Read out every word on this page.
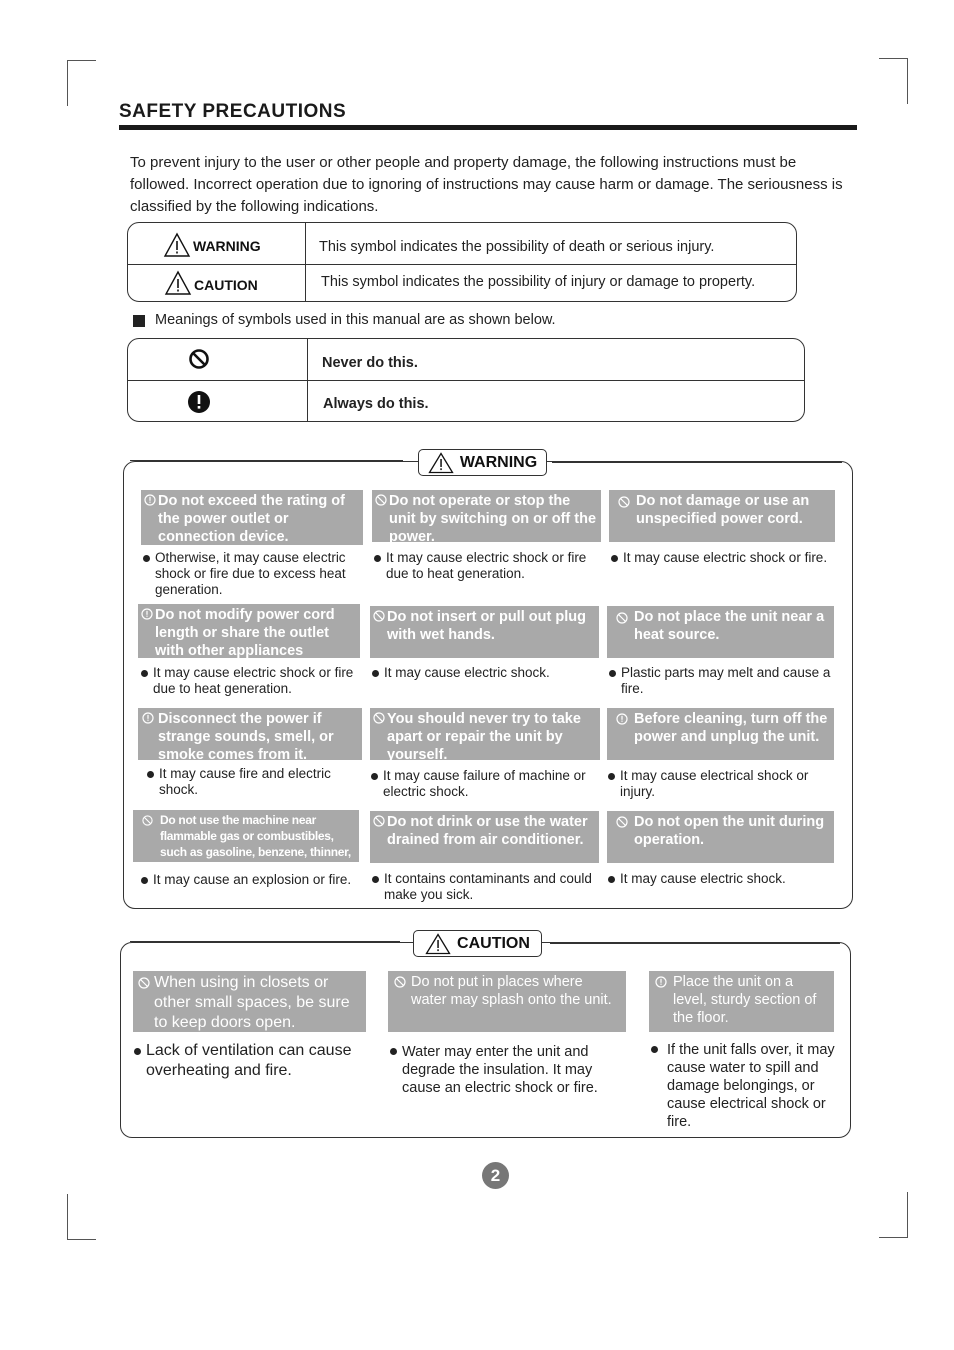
SAFETY PRECAUTIONS
To prevent injury to the user or other people and property damage, the following instructions must be followed. Incorrect operation due to ignoring of instructions may cause harm or damage. The seriousness is classified by the following indications.
WARNING	This symbol indicates the possibility of death or serious injury.
CAUTION	This symbol indicates the possibility of injury or damage to property.
Meanings of symbols used in this manual are as shown below.
Never do this.
Always do this.
WARNING
Do not exceed the rating of the power outlet or connection device.
Otherwise, it may cause electric shock or fire due to excess heat generation.
Do not operate or stop the unit by switching on or off the power.
It may cause electric shock or fire due to heat generation.
Do not damage or use an unspecified power cord.
It may cause electric shock or fire.
Do not modify power cord length or share the outlet with other appliances
It may cause electric shock or fire due to heat generation.
Do not insert or pull out plug with wet hands.
It may cause electric shock.
Do not place the unit near a heat source.
Plastic parts may melt and cause a fire.
Disconnect the power if strange sounds, smell, or smoke comes from it.
It may cause fire and electric shock.
You should never try to take apart or repair the unit by yourself.
It may cause failure of machine or electric shock.
Before cleaning, turn off the power and unplug the unit.
It may cause electrical shock or injury.
Do not use the machine near flammable gas or combustibles, such as gasoline, benzene, thinner, etc.
It may cause an explosion or fire.
Do not drink or use the water drained from air conditioner.
It contains contaminants and could make you sick.
Do not open the unit during operation.
It may cause electric shock.
CAUTION
When using in closets or other small spaces, be sure to keep doors open.
Lack of ventilation can cause overheating and fire.
Do not put in places where water may splash onto the unit.
Water may enter the unit and degrade the insulation. It may cause an electric shock or fire.
Place the unit on a level, sturdy section of the floor.
If the unit falls over, it may cause water to spill and damage belongings, or cause electrical shock or fire.
2
